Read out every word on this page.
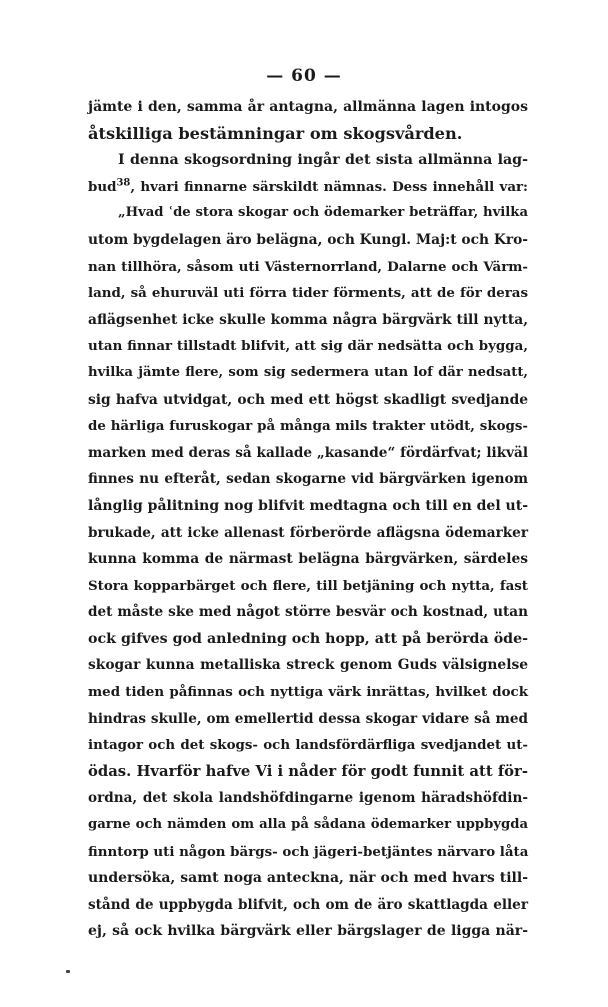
— 60 —
jämte i den, samma år antagna, allmänna lagen intogos
åtskilliga bestämningar om skogsvården.
I denna skogsordning ingår det sista allmänna lag-
bud$^{38}$, hvari finnarne särskildt nämnas. Dess innehåll var:
„Hvad ʿde stora skogar och ödemarker beträffar, hvilka
utom bygdelagen äro belägna, och Kungl. Maj:t och Kro-
nan tillhöra, såsom uti Västernorrland, Dalarne och Värm-
land, så ehuruväl uti förra tider förments, att de för deras
aflägsenhet icke skulle komma några bärgvärk till nytta,
utan finnar tillstadt blifvit, att sig där nedsätta och bygga,
hvilka jämte flere, som sig sedermera utan lof där nedsatt,
sig hafva utvidgat, och med ett högst skadligt svedjande
de härliga furuskogar på många mils trakter utödt, skogs-
marken med deras så kallade „kasande“ fördärfvat; likväl
finnes nu efteråt, sedan skogarne vid bärgvärken igenom
långlig pålitning nog blifvit medtagna och till en del ut-
brukade, att icke allenast förberörde aflägsna ödemarker
kunna komma de närmast belägna bärgvärken, särdeles
Stora kopparbärget och flere, till betjäning och nytta, fast
det måste ske med något större besvär och kostnad, utan
ock gifves god anledning och hopp, att på berörda öde-
skogar kunna metalliska streck genom Guds välsignelse
med tiden påfinnas och nyttiga värk inrättas, hvilket dock
hindras skulle, om emellertid dessa skogar vidare så med
intagor och det skogs- och landsfördärfliga svedjandet ut-
ödas. Hvarför hafve Vi i nåder för godt funnit att för-
ordna, det skola landshöfdingarne igenom häradshöfdin-
garne och nämden om alla på sådana ödemarker uppbygda
finntorp uti någon bärgs- och jägeri-betjäntes närvaro låta
undersöka, samt noga anteckna, när och med hvars till-
stånd de uppbygda blifvit, och om de äro skattlagda eller
ej, så ock hvilka bärgvärk eller bärgslager de ligga när-
